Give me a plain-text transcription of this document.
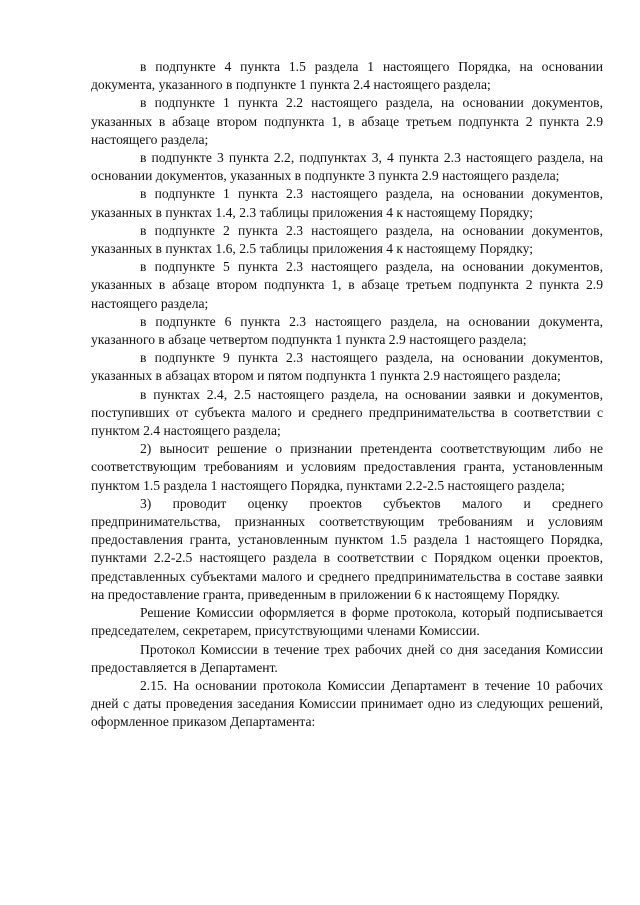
в подпункте 4 пункта 1.5 раздела 1 настоящего Порядка, на основании документа, указанного в подпункте 1 пункта 2.4 настоящего раздела;

в подпункте 1 пункта 2.2 настоящего раздела, на основании документов, указанных в абзаце втором подпункта 1, в абзаце третьем подпункта 2 пункта 2.9 настоящего раздела;

в подпункте 3 пункта 2.2, подпунктах 3, 4 пункта 2.3 настоящего раздела, на основании документов, указанных в подпункте 3 пункта 2.9 настоящего раздела;

в подпункте 1 пункта 2.3 настоящего раздела, на основании документов, указанных в пунктах 1.4, 2.3 таблицы приложения 4 к настоящему Порядку;

в подпункте 2 пункта 2.3 настоящего раздела, на основании документов, указанных в пунктах 1.6, 2.5 таблицы приложения 4 к настоящему Порядку;

в подпункте 5 пункта 2.3 настоящего раздела, на основании документов, указанных в абзаце втором подпункта 1, в абзаце третьем подпункта 2 пункта 2.9 настоящего раздела;

в подпункте 6 пункта 2.3 настоящего раздела, на основании документа, указанного в абзаце четвертом подпункта 1 пункта 2.9 настоящего раздела;

в подпункте 9 пункта 2.3 настоящего раздела, на основании документов, указанных в абзацах втором и пятом подпункта 1 пункта 2.9 настоящего раздела;

в пунктах 2.4, 2.5 настоящего раздела, на основании заявки и документов, поступивших от субъекта малого и среднего предпринимательства в соответствии с пунктом 2.4 настоящего раздела;

2) выносит решение о признании претендента соответствующим либо не соответствующим требованиям и условиям предоставления гранта, установленным пунктом 1.5 раздела 1 настоящего Порядка, пунктами 2.2-2.5 настоящего раздела;

3) проводит оценку проектов субъектов малого и среднего предпринимательства, признанных соответствующим требованиям и условиям предоставления гранта, установленным пунктом 1.5 раздела 1 настоящего Порядка, пунктами 2.2-2.5 настоящего раздела в соответствии с Порядком оценки проектов, представленных субъектами малого и среднего предпринимательства в составе заявки на предоставление гранта, приведенным в приложении 6 к настоящему Порядку.

Решение Комиссии оформляется в форме протокола, который подписывается председателем, секретарем, присутствующими членами Комиссии.

Протокол Комиссии в течение трех рабочих дней со дня заседания Комиссии предоставляется в Департамент.

2.15. На основании протокола Комиссии Департамент в течение 10 рабочих дней с даты проведения заседания Комиссии принимает одно из следующих решений, оформленное приказом Департамента:
